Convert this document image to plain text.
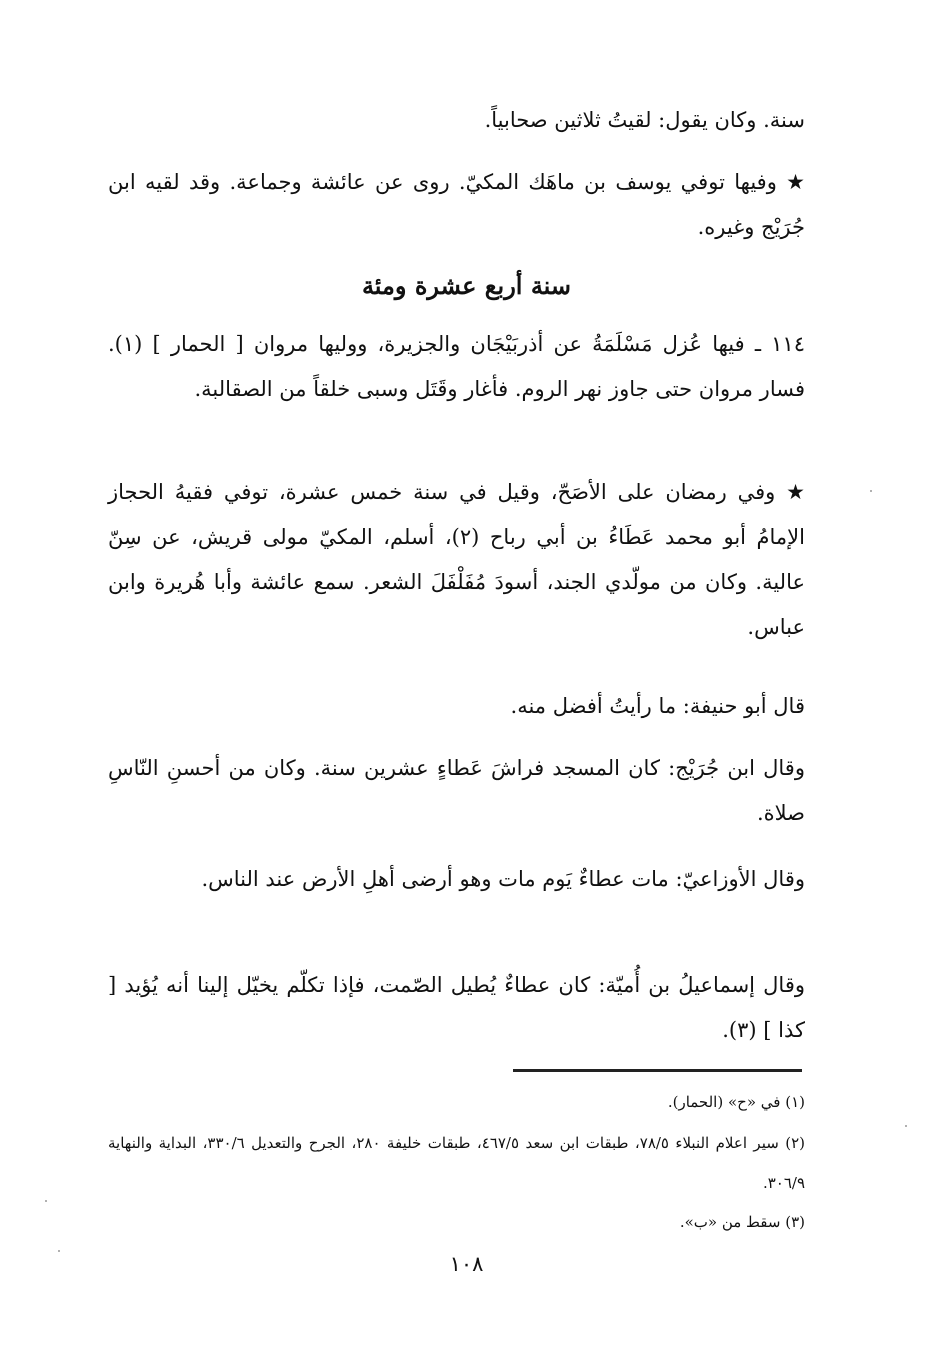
سنة. وكان يقول: لقيتُ ثلاثين صحابياً.
★ وفيها توفي يوسف بن ماهَك المكيّ. روى عن عائشة وجماعة. وقد لقيه ابن جُرَيْج وغيره.
سنة أربع عشرة ومئة
١١٤ ـ فيها عُزل مَسْلَمَةُ عن أذربَيْجَان والجزيرة، ووليها مروان [ الحمار ] (١). فسار مروان حتى جاوز نهر الروم. فأغار وقَتَل وسبى خلقاً من الصقالبة.
★ وفي رمضان على الأصَحّ، وقيل في سنة خمس عشرة، توفي فقيهُ الحجاز الإمامُ أبو محمد عَطَاءُ بن أبي رباح (٢)، أسلم، المكيّ مولى قريش، عن سِنّ عالية. وكان من مولّدي الجند، أسودَ مُفَلْفَلَ الشعر. سمع عائشة وأبا هُريرة وابن عباس.
قال أبو حنيفة: ما رأيتُ أفضل منه.
وقال ابن جُرَيْج: كان المسجد فراشَ عَطاءٍ عشرين سنة. وكان من أحسنِ النّاسِ صلاة.
وقال الأوزاعيّ: مات عطاءٌ يَوم مات وهو أرضى أهلِ الأرض عند الناس.
وقال إسماعيلُ بن أُميّة: كان عطاءٌ يُطيل الصّمت، فإذا تكلّم يخيّل إلينا أنه يُؤيد [ كذا ] (٣).
(١) في «ح» (الحمار).
(٢) سير اعلام النبلاء ٧٨/٥، طبقات ابن سعد ٤٦٧/٥، طبقات خليفة ٢٨٠، الجرح والتعديل ٣٣٠/٦، البداية والنهاية ٣٠٦/٩.
(٣) سقط من «ب».
١٠٨
